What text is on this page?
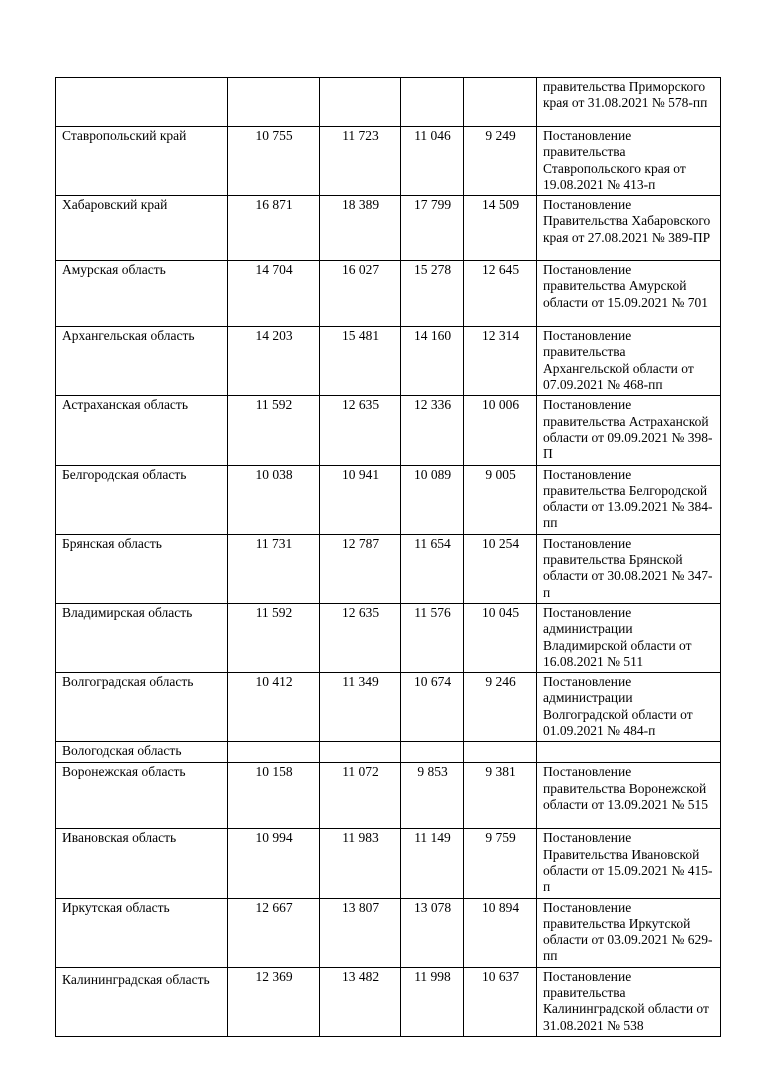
					правительства Приморского края от 31.08.2021 № 578-пп
Ставропольский край	10 755	11 723	11 046	9 249	Постановление правительства Ставропольского края от 19.08.2021 № 413-п
Хабаровский край	16 871	18 389	17 799	14 509	Постановление Правительства Хабаровского края от 27.08.2021 № 389-ПР
Амурская область	14 704	16 027	15 278	12 645	Постановление правительства Амурской области от 15.09.2021 № 701
Архангельская область	14 203	15 481	14 160	12 314	Постановление правительства Архангельской области от 07.09.2021 № 468-пп
Астраханская область	11 592	12 635	12 336	10 006	Постановление правительства Астраханской области от 09.09.2021 № 398-П
Белгородская область	10 038	10 941	10 089	9 005	Постановление правительства Белгородской области от 13.09.2021 № 384-пп
Брянская область	11 731	12 787	11 654	10 254	Постановление правительства Брянской области от 30.08.2021 № 347-п
Владимирская область	11 592	12 635	11 576	10 045	Постановление администрации Владимирской области от 16.08.2021 № 511
Волгоградская область	10 412	11 349	10 674	9 246	Постановление администрации Волгоградской области от 01.09.2021 № 484-п
Вологодская область					
Воронежская область	10 158	11 072	9 853	9 381	Постановление правительства Воронежской области от 13.09.2021 № 515
Ивановская область	10 994	11 983	11 149	9 759	Постановление Правительства Ивановской области от 15.09.2021 № 415-п
Иркутская область	12 667	13 807	13 078	10 894	Постановление правительства Иркутской области от 03.09.2021 № 629-пп

Калининградская область	12 369	13 482	11 998	10 637	Постановление правительства Калининградской области от 31.08.2021 № 538
